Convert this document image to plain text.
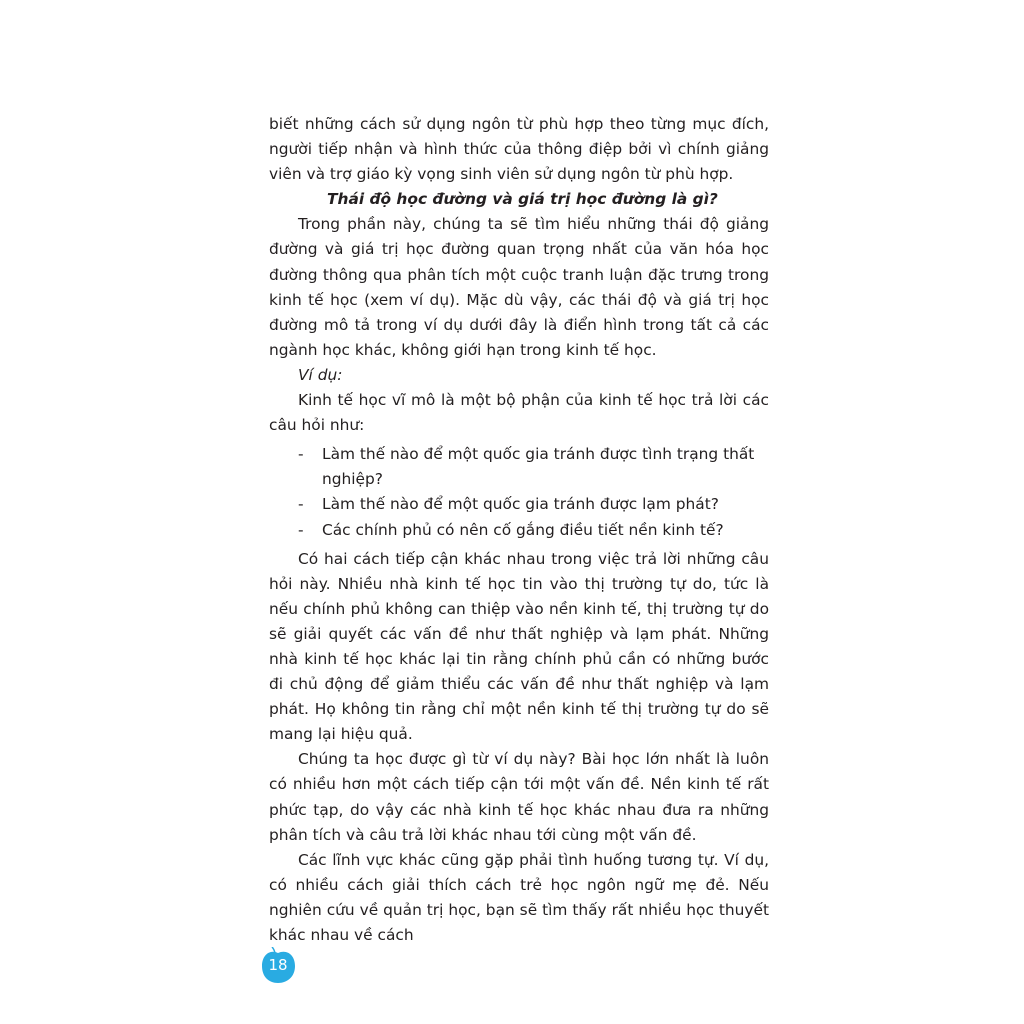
biết những cách sử dụng ngôn từ phù hợp theo từng mục đích, người tiếp nhận và hình thức của thông điệp bởi vì chính giảng viên và trợ giáo kỳ vọng sinh viên sử dụng ngôn từ phù hợp.

Thái độ học đường và giá trị học đường là gì?

Trong phần này, chúng ta sẽ tìm hiểu những thái độ giảng đường và giá trị học đường quan trọng nhất của văn hóa học đường thông qua phân tích một cuộc tranh luận đặc trưng trong kinh tế học (xem ví dụ). Mặc dù vậy, các thái độ và giá trị học đường mô tả trong ví dụ dưới đây là điển hình trong tất cả các ngành học khác, không giới hạn trong kinh tế học.

Ví dụ:

Kinh tế học vĩ mô là một bộ phận của kinh tế học trả lời các câu hỏi như:

-	Làm thế nào để một quốc gia tránh được tình trạng thất nghiệp?
-	Làm thế nào để một quốc gia tránh được lạm phát?
-	Các chính phủ có nên cố gắng điều tiết nền kinh tế?

Có hai cách tiếp cận khác nhau trong việc trả lời những câu hỏi này. Nhiều nhà kinh tế học tin vào thị trường tự do, tức là nếu chính phủ không can thiệp vào nền kinh tế, thị trường tự do sẽ giải quyết các vấn đề như thất nghiệp và lạm phát. Những nhà kinh tế học khác lại tin rằng chính phủ cần có những bước đi chủ động để giảm thiểu các vấn đề như thất nghiệp và lạm phát. Họ không tin rằng chỉ một nền kinh tế thị trường tự do sẽ mang lại hiệu quả.

Chúng ta học được gì từ ví dụ này? Bài học lớn nhất là luôn có nhiều hơn một cách tiếp cận tới một vấn đề. Nền kinh tế rất phức tạp, do vậy các nhà kinh tế học khác nhau đưa ra những phân tích và câu trả lời khác nhau tới cùng một vấn đề.

Các lĩnh vực khác cũng gặp phải tình huống tương tự. Ví dụ, có nhiều cách giải thích cách trẻ học ngôn ngữ mẹ đẻ. Nếu nghiên cứu về quản trị học, bạn sẽ tìm thấy rất nhiều học thuyết khác nhau về cách

18
